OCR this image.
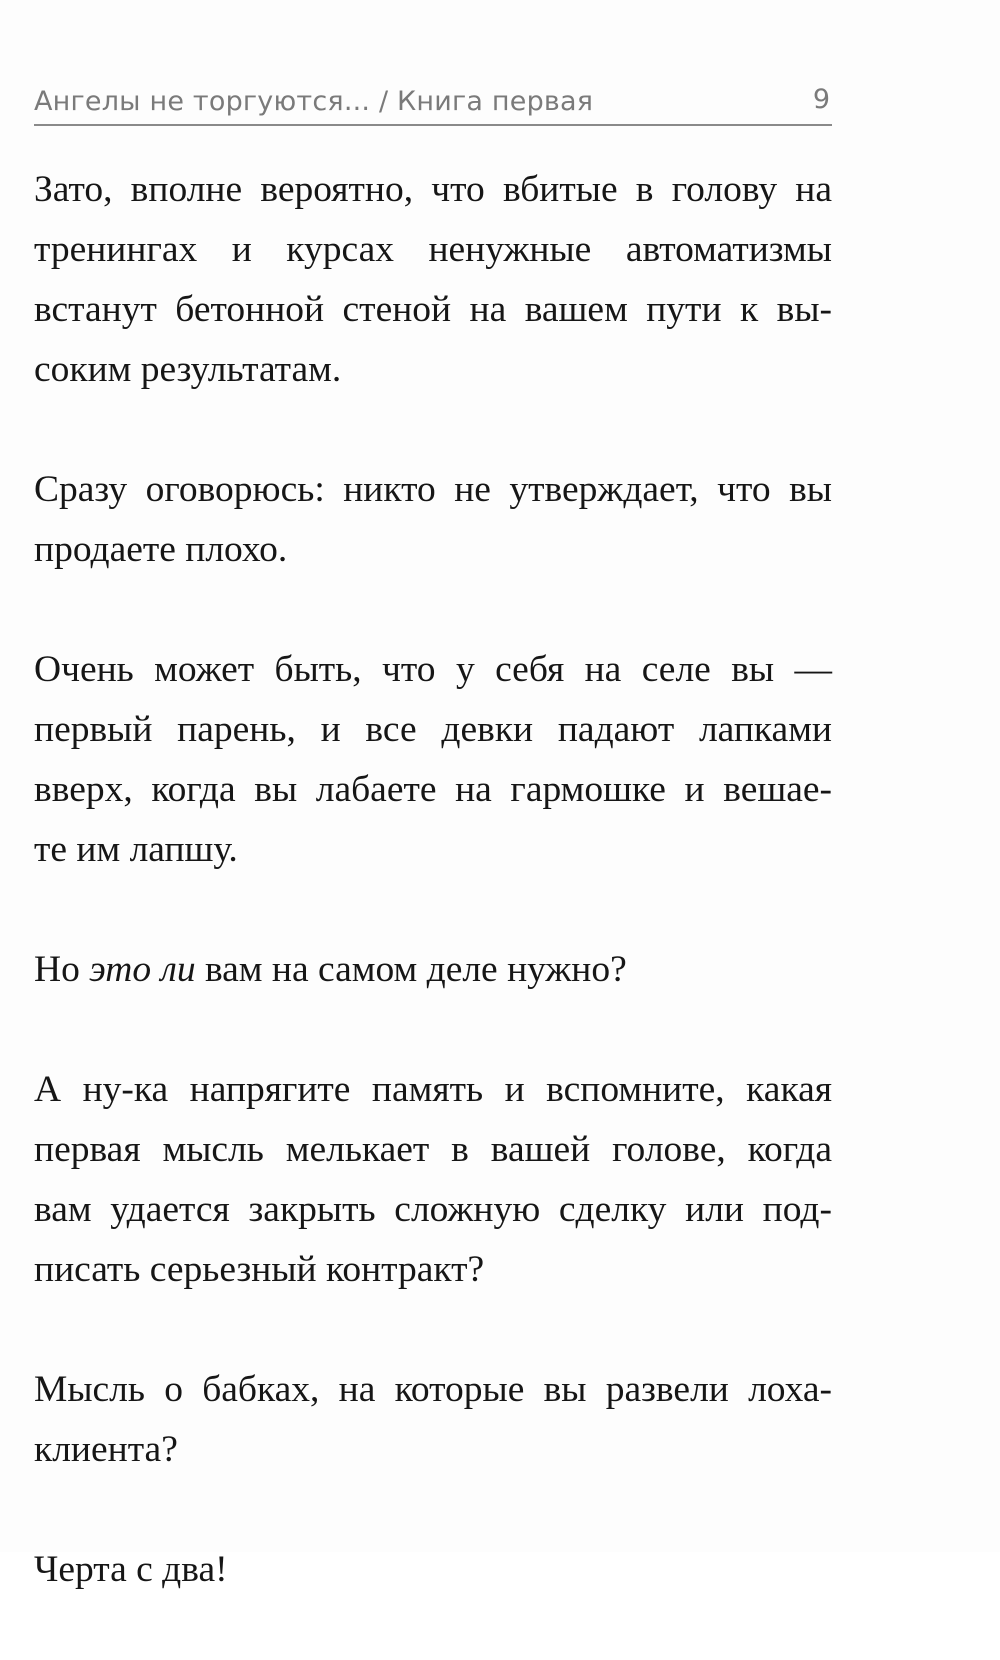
Ангелы не торгуются... / Книга первая	9
Зато, вполне вероятно, что вбитые в голову на
тренингах и курсах ненужные автоматизмы
встанут бетонной стеной на вашем пути к вы-
соким результатам.
Сразу оговорюсь: никто не утверждает, что вы
продаете плохо.
Очень может быть, что у себя на селе вы —
первый парень, и все девки падают лапками
вверх, когда вы лабаете на гармошке и вешае-
те им лапшу.
Но это ли вам на самом деле нужно?
А ну-ка напрягите память и вспомните, какая
первая мысль мелькает в вашей голове, когда
вам удается закрыть сложную сделку или под-
писать серьезный контракт?
Мысль о бабках, на которые вы развели лоха-
клиента?
Черта с два!
